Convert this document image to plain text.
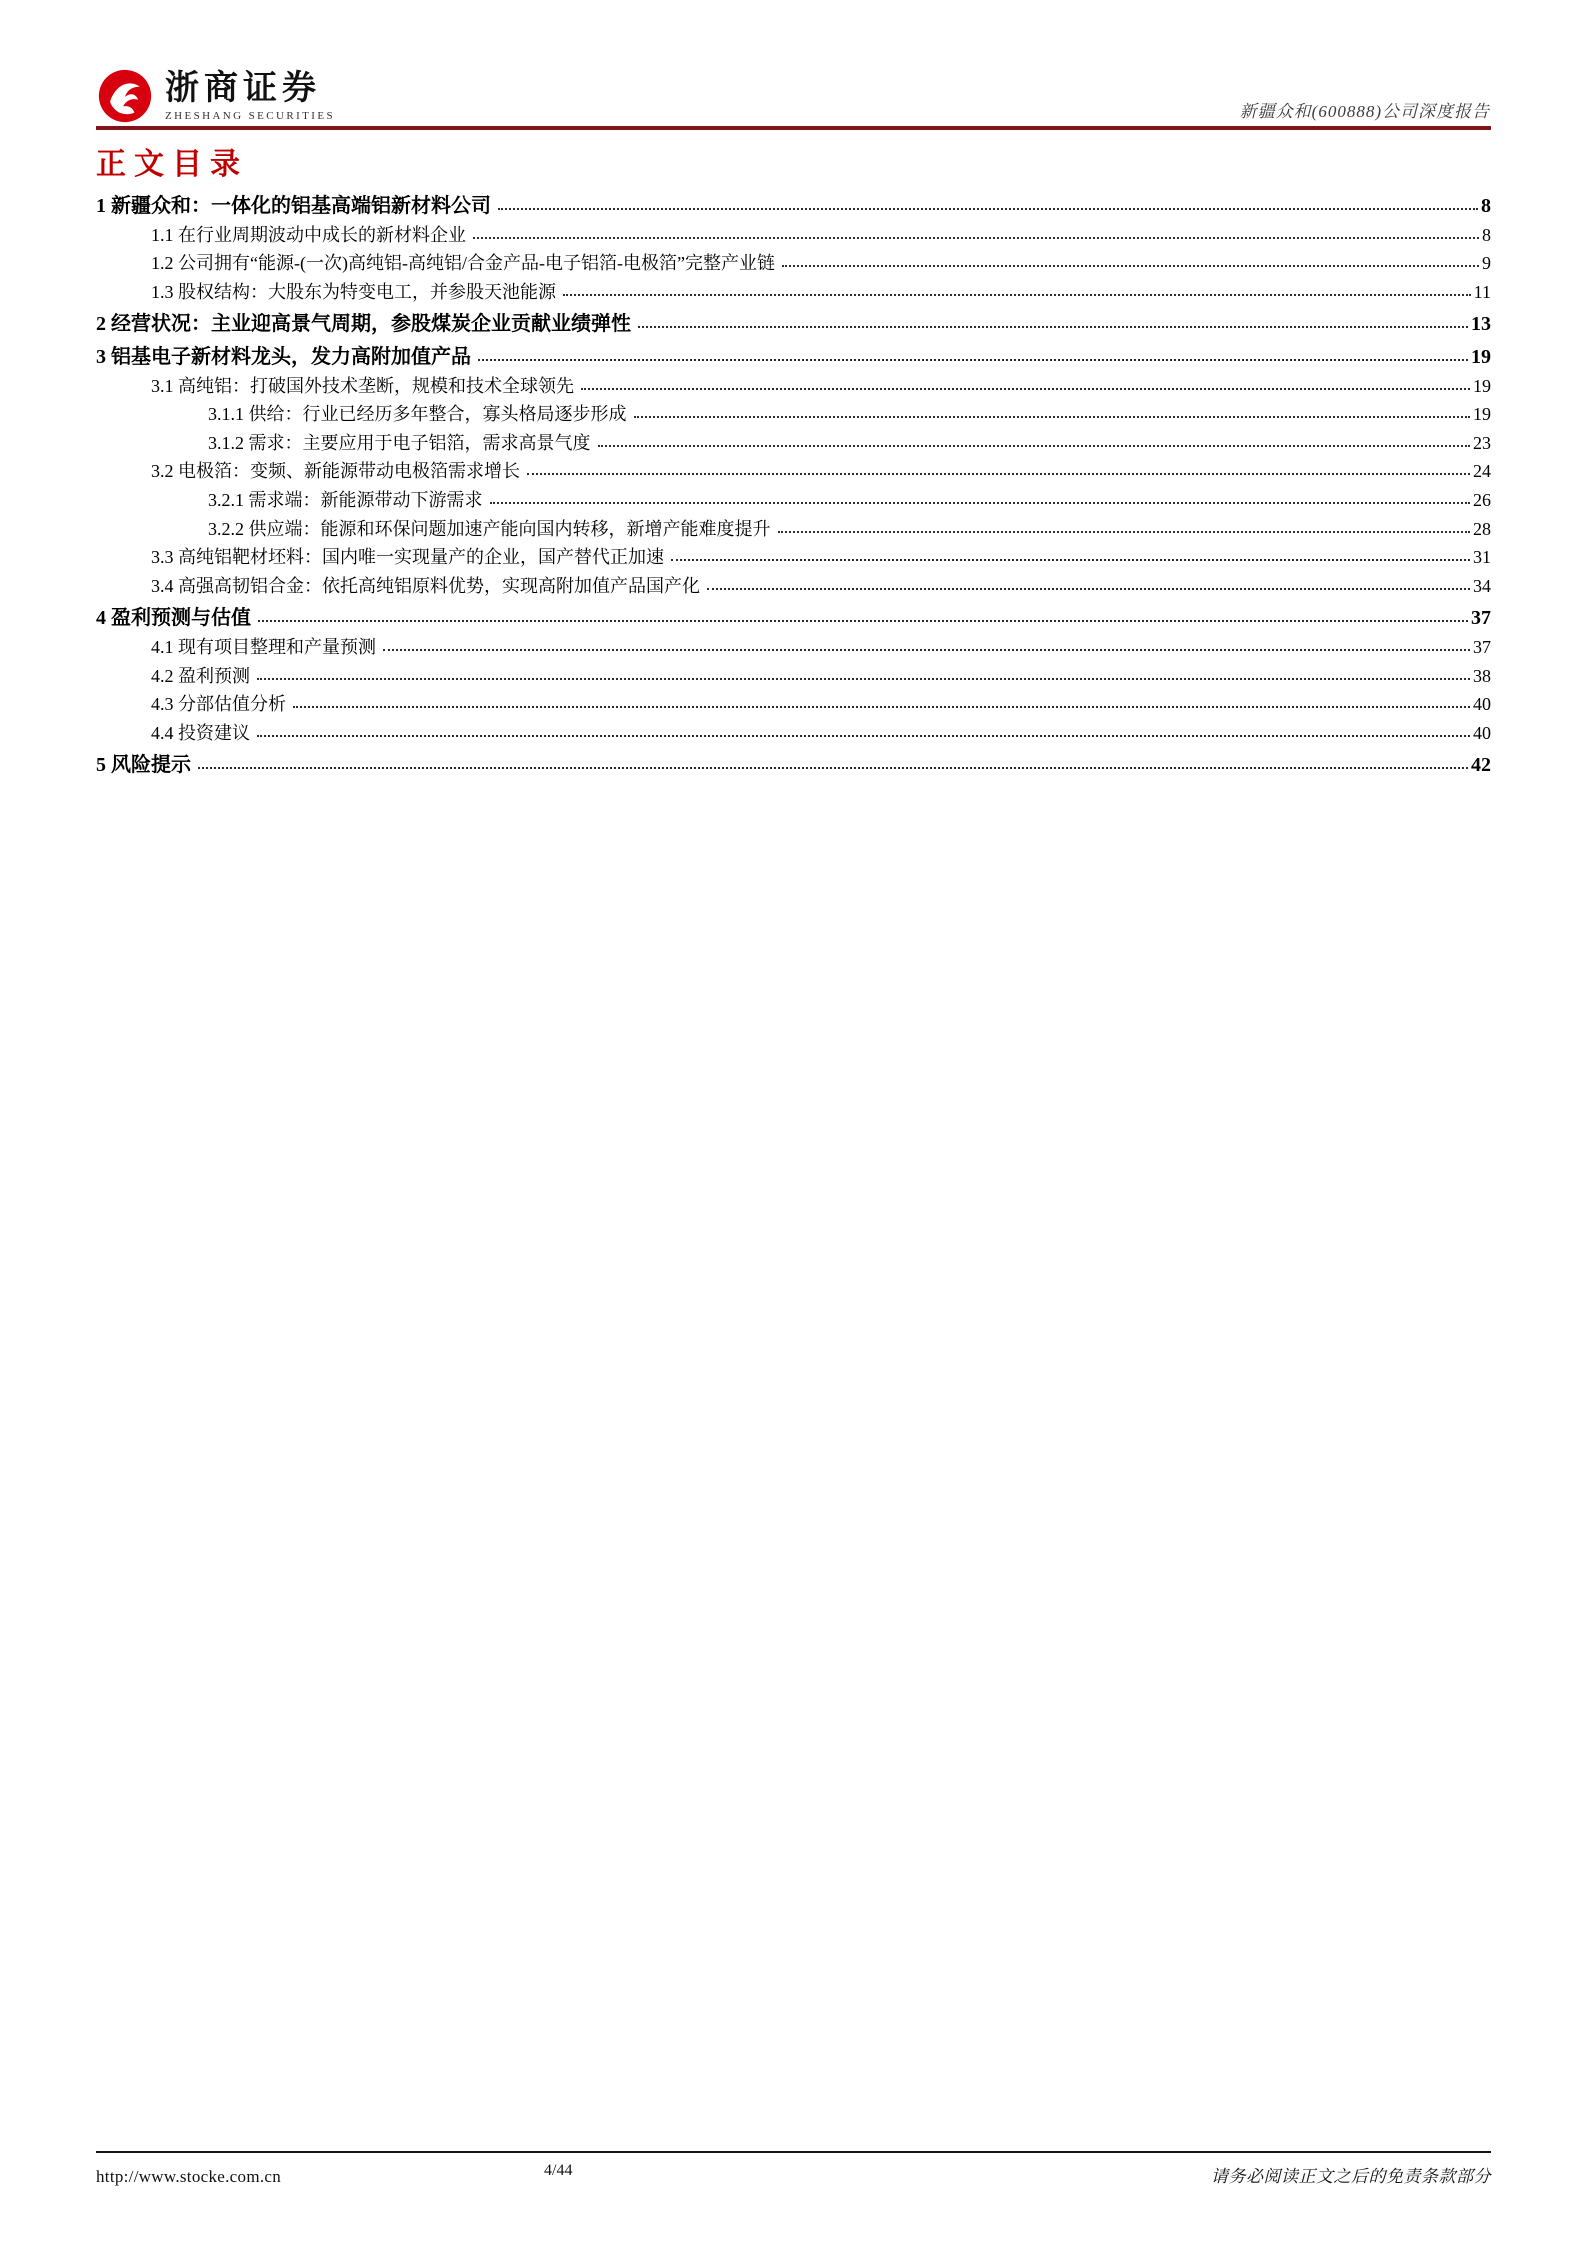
浙商证券
ZHESHANG SECURITIES	新疆众和(600888)公司深度报告
正文目录
1 新疆众和：一体化的铝基高端铝新材料公司	8
1.1 在行业周期波动中成长的新材料企业	8
1.2 公司拥有“能源-(一次)高纯铝-高纯铝/合金产品-电子铝箔-电极箔”完整产业链	9
1.3 股权结构：大股东为特变电工，并参股天池能源	11
2 经营状况：主业迎高景气周期，参股煤炭企业贡献业绩弹性	13
3 铝基电子新材料龙头，发力高附加值产品	19
3.1 高纯铝：打破国外技术垄断，规模和技术全球领先	19
3.1.1 供给：行业已经历多年整合，寡头格局逐步形成	19
3.1.2 需求：主要应用于电子铝箔，需求高景气度	23
3.2 电极箔：变频、新能源带动电极箔需求增长	24
3.2.1 需求端：新能源带动下游需求	26
3.2.2 供应端：能源和环保问题加速产能向国内转移，新增产能难度提升	28
3.3 高纯铝靶材坯料：国内唯一实现量产的企业，国产替代正加速	31
3.4 高强高韧铝合金：依托高纯铝原料优势，实现高附加值产品国产化	34
4 盈利预测与估值	37
4.1 现有项目整理和产量预测	37
4.2 盈利预测	38
4.3 分部估值分析	40
4.4 投资建议	40
5 风险提示	42
http://www.stocke.com.cn	4/44	请务必阅读正文之后的免责条款部分
